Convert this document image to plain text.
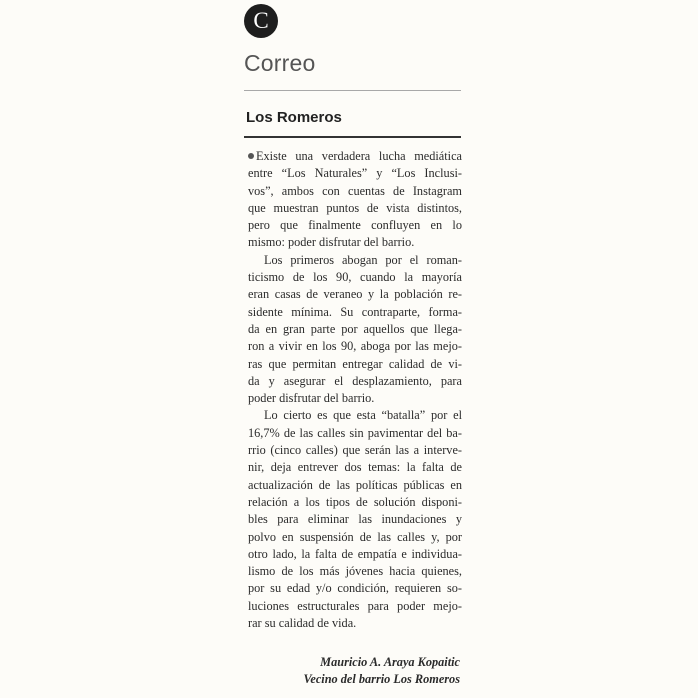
C
Correo
Los Romeros
Existe una verdadera lucha mediática
entre “Los Naturales” y “Los Inclusi-
vos”, ambos con cuentas de Instagram
que muestran puntos de vista distintos,
pero que finalmente confluyen en lo
mismo: poder disfrutar del barrio.
Los primeros abogan por el roman-
ticismo de los 90, cuando la mayoría
eran casas de veraneo y la población re-
sidente mínima. Su contraparte, forma-
da en gran parte por aquellos que llega-
ron a vivir en los 90, aboga por las mejo-
ras que permitan entregar calidad de vi-
da y asegurar el desplazamiento, para
poder disfrutar del barrio.
Lo cierto es que esta “batalla” por el
16,7% de las calles sin pavimentar del ba-
rrio (cinco calles) que serán las a interve-
nir, deja entrever dos temas: la falta de
actualización de las políticas públicas en
relación a los tipos de solución disponi-
bles para eliminar las inundaciones y
polvo en suspensión de las calles y, por
otro lado, la falta de empatía e individua-
lismo de los más jóvenes hacia quienes,
por su edad y/o condición, requieren so-
luciones estructurales para poder mejo-
rar su calidad de vida.
Mauricio A. Araya Kopaitic
Vecino del barrio Los Romeros
